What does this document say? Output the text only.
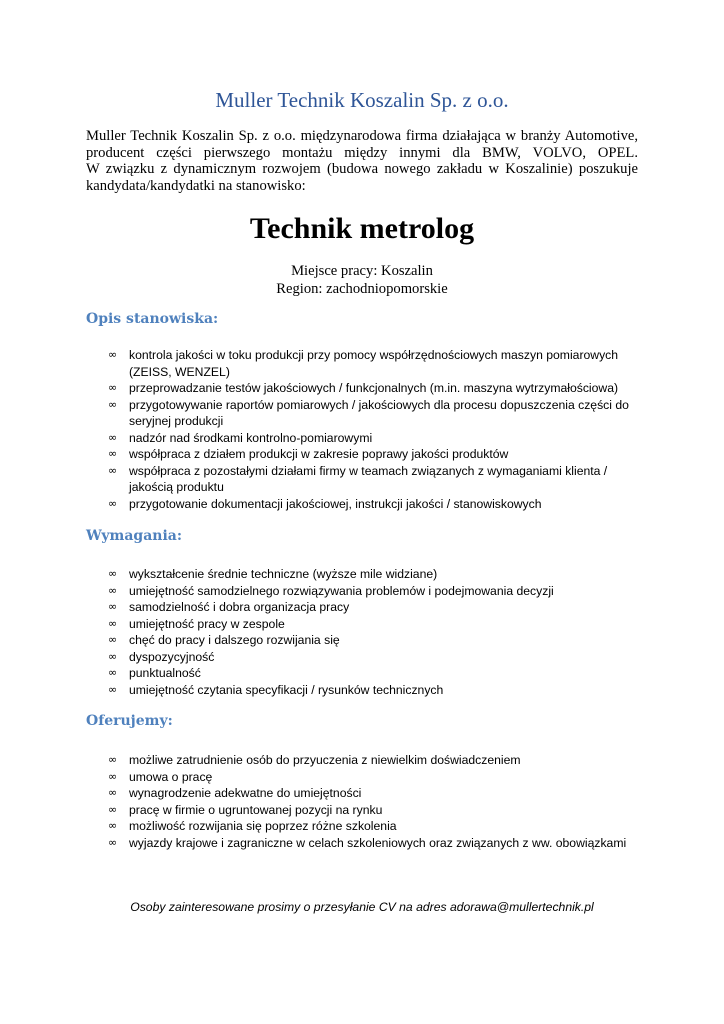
Muller Technik Koszalin Sp. z o.o.

Muller Technik Koszalin Sp. z o.o. międzynarodowa firma działająca w branży Automotive,
producent części pierwszego montażu między innymi dla BMW, VOLVO, OPEL.
W związku z dynamicznym rozwojem (budowa nowego zakładu w Koszalinie) poszukuje
kandydata/kandydatki na stanowisko:

Technik metrolog

Miejsce pracy: Koszalin
Region: zachodniopomorskie

Opis stanowiska:
∞ kontrola jakości w toku produkcji przy pomocy współrzędnościowych maszyn pomiarowych (ZEISS, WENZEL)
∞ przeprowadzanie testów jakościowych / funkcjonalnych (m.in. maszyna wytrzymałościowa)
∞ przygotowywanie raportów pomiarowych / jakościowych dla procesu dopuszczenia części do seryjnej produkcji
∞ nadzór nad środkami kontrolno-pomiarowymi
∞ współpraca z działem produkcji w zakresie poprawy jakości produktów
∞ współpraca z pozostałymi działami firmy w teamach związanych z wymaganiami klienta / jakością produktu
∞ przygotowanie dokumentacji jakościowej, instrukcji jakości / stanowiskowych
Wymagania:
∞ wykształcenie średnie techniczne (wyższe mile widziane)
∞ umiejętność samodzielnego rozwiązywania problemów i podejmowania decyzji
∞ samodzielność i dobra organizacja pracy
∞ umiejętność pracy w zespole
∞ chęć do pracy i dalszego rozwijania się
∞ dyspozycyjność
∞ punktualność
∞ umiejętność czytania specyfikacji / rysunków technicznych
Oferujemy:
∞ możliwe zatrudnienie osób do przyuczenia z niewielkim doświadczeniem
∞ umowa o pracę
∞ wynagrodzenie adekwatne do umiejętności
∞ pracę w firmie o ugruntowanej pozycji na rynku
∞ możliwość rozwijania się poprzez różne szkolenia
∞ wyjazdy krajowe i zagraniczne w celach szkoleniowych oraz związanych z ww. obowiązkami

Osoby zainteresowane prosimy o przesyłanie CV na adres adorawa@mullertechnik.pl
